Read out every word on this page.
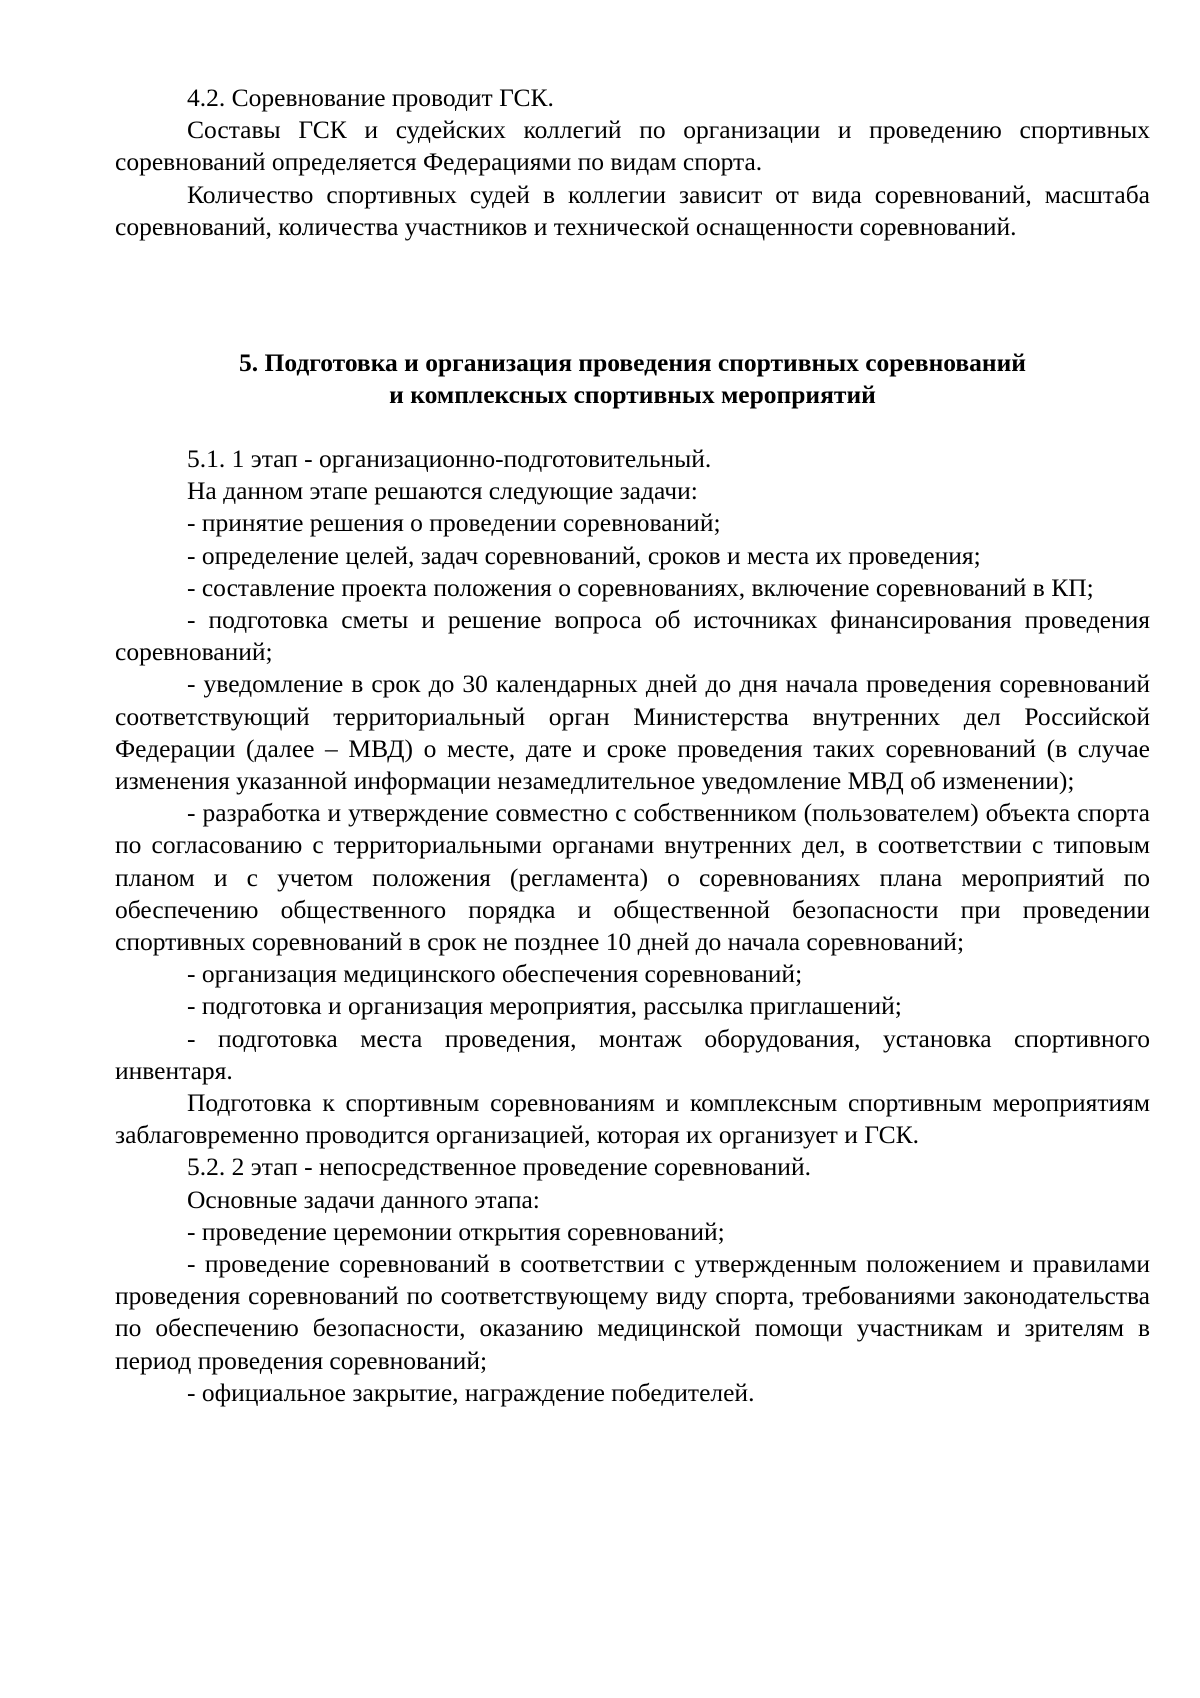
4.2. Соревнование проводит ГСК.

Составы ГСК и судейских коллегий по организации и проведению спортивных соревнований определяется Федерациями по видам спорта.

Количество спортивных судей в коллегии зависит от вида соревнований, масштаба соревнований, количества участников и технической оснащенности соревнований.

5. Подготовка и организация проведения спортивных соревнований
и комплексных спортивных мероприятий

5.1. 1 этап - организационно-подготовительный.

На данном этапе решаются следующие задачи:

- принятие решения о проведении соревнований;

- определение целей, задач соревнований, сроков и места их проведения;

- составление проекта положения о соревнованиях, включение соревнований в КП;

- подготовка сметы и решение вопроса об источниках финансирования проведения соревнований;

- уведомление в срок до 30 календарных дней до дня начала проведения соревнований соответствующий территориальный орган Министерства внутренних дел Российской Федерации (далее – МВД) о месте, дате и сроке проведения таких соревнований (в случае изменения указанной информации незамедлительное уведомление МВД об изменении);

- разработка и утверждение совместно с собственником (пользователем) объекта спорта по согласованию с территориальными органами внутренних дел, в соответствии с типовым планом и с учетом положения (регламента) о соревнованиях плана мероприятий по обеспечению общественного порядка и общественной безопасности при проведении спортивных соревнований в срок не позднее 10 дней до начала соревнований;

- организация медицинского обеспечения соревнований;

- подготовка и организация мероприятия, рассылка приглашений;

- подготовка места проведения, монтаж оборудования, установка спортивного инвентаря.

Подготовка к спортивным соревнованиям и комплексным спортивным мероприятиям заблаговременно проводится организацией, которая их организует и ГСК.

5.2. 2 этап - непосредственное проведение соревнований.

Основные задачи данного этапа:

- проведение церемонии открытия соревнований;

- проведение соревнований в соответствии с утвержденным положением и правилами проведения соревнований по соответствующему виду спорта, требованиями законодательства по обеспечению безопасности, оказанию медицинской помощи участникам и зрителям в период проведения соревнований;

- официальное закрытие, награждение победителей.
